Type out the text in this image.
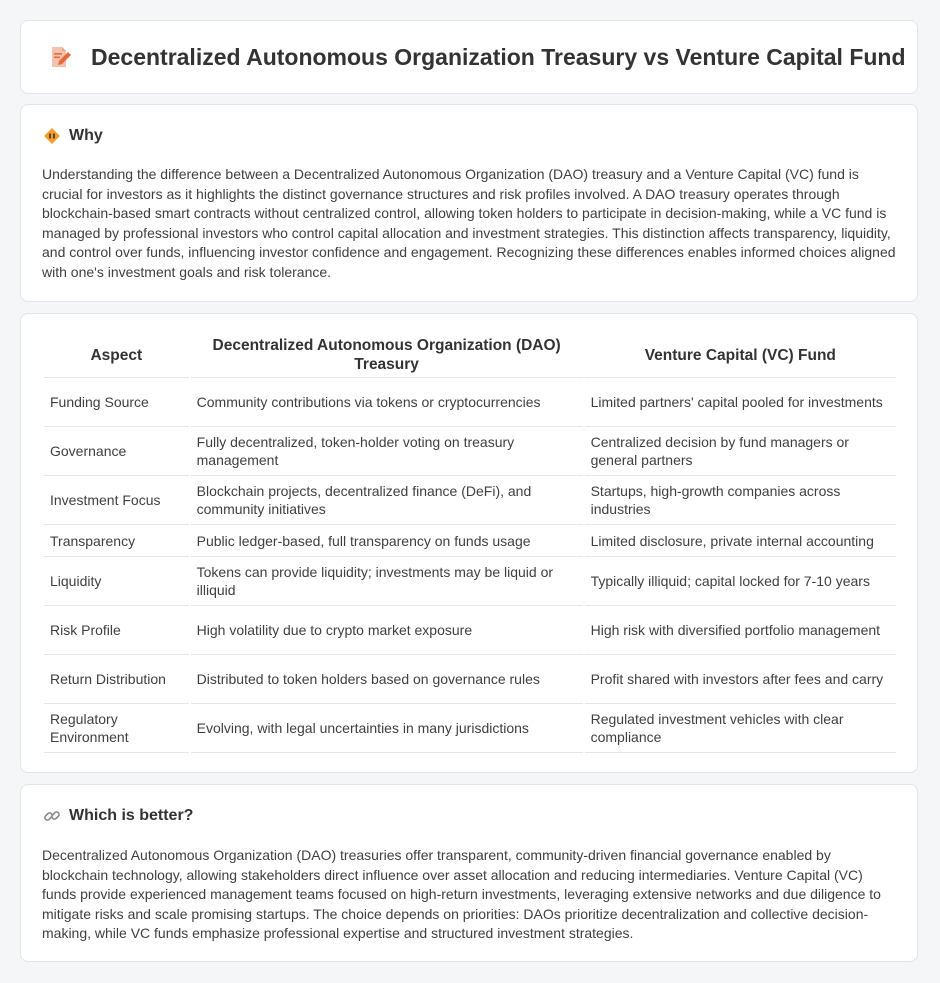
Decentralized Autonomous Organization Treasury vs Venture Capital Fund
Why

Understanding the difference between a Decentralized Autonomous Organization (DAO) treasury and a Venture Capital (VC) fund is crucial for investors as it highlights the distinct governance structures and risk profiles involved. A DAO treasury operates through blockchain-based smart contracts without centralized control, allowing token holders to participate in decision-making, while a VC fund is managed by professional investors who control capital allocation and investment strategies. This distinction affects transparency, liquidity, and control over funds, influencing investor confidence and engagement. Recognizing these differences enables informed choices aligned with one's investment goals and risk tolerance.

Aspect	Decentralized Autonomous Organization (DAO) Treasury	Venture Capital (VC) Fund
Funding Source	Community contributions via tokens or cryptocurrencies	Limited partners' capital pooled for investments
Governance	Fully decentralized, token-holder voting on treasury management	Centralized decision by fund managers or general partners
Investment Focus	Blockchain projects, decentralized finance (DeFi), and community initiatives	Startups, high-growth companies across industries
Transparency	Public ledger-based, full transparency on funds usage	Limited disclosure, private internal accounting
Liquidity	Tokens can provide liquidity; investments may be liquid or illiquid	Typically illiquid; capital locked for 7-10 years
Risk Profile	High volatility due to crypto market exposure	High risk with diversified portfolio management
Return Distribution	Distributed to token holders based on governance rules	Profit shared with investors after fees and carry
Regulatory Environment	Evolving, with legal uncertainties in many jurisdictions	Regulated investment vehicles with clear compliance
Which is better?

Decentralized Autonomous Organization (DAO) treasuries offer transparent, community-driven financial governance enabled by blockchain technology, allowing stakeholders direct influence over asset allocation and reducing intermediaries. Venture Capital (VC) funds provide experienced management teams focused on high-return investments, leveraging extensive networks and due diligence to mitigate risks and scale promising startups. The choice depends on priorities: DAOs prioritize decentralization and collective decision-making, while VC funds emphasize professional expertise and structured investment strategies.
